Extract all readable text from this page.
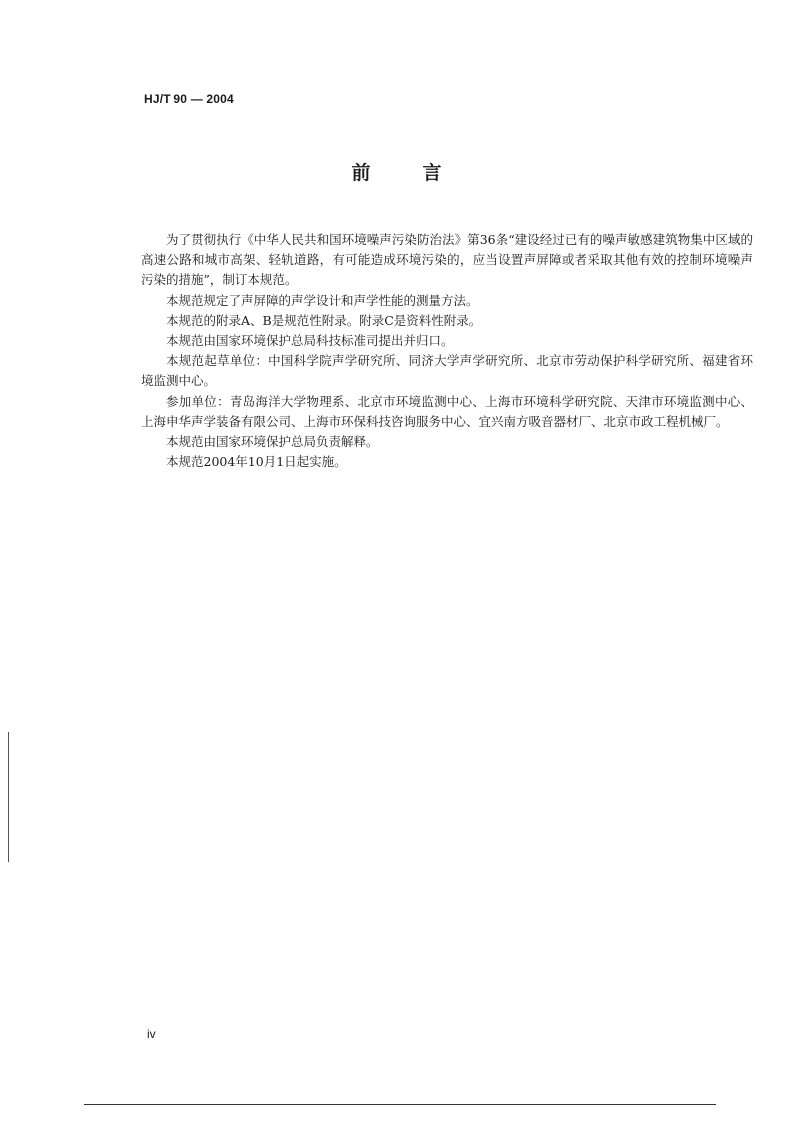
HJ/T 90 — 2004
前言

为了贯彻执行《中华人民共和国环境噪声污染防治法》第36条“建设经过已有的噪声敏感建筑物集中区域的高速公路和城市高架、轻轨道路，有可能造成环境污染的，应当设置声屏障或者采取其他有效的控制环境噪声污染的措施”，制订本规范。

本规范规定了声屏障的声学设计和声学性能的测量方法。

本规范的附录A、B是规范性附录。附录C是资料性附录。

本规范由国家环境保护总局科技标准司提出并归口。

本规范起草单位：中国科学院声学研究所、同济大学声学研究所、北京市劳动保护科学研究所、福建省环境监测中心。

参加单位：青岛海洋大学物理系、北京市环境监测中心、上海市环境科学研究院、天津市环境监测中心、上海申华声学装备有限公司、上海市环保科技咨询服务中心、宜兴南方吸音器材厂、北京市政工程机械厂。

本规范由国家环境保护总局负责解释。

本规范2004年10月1日起实施。

iv
